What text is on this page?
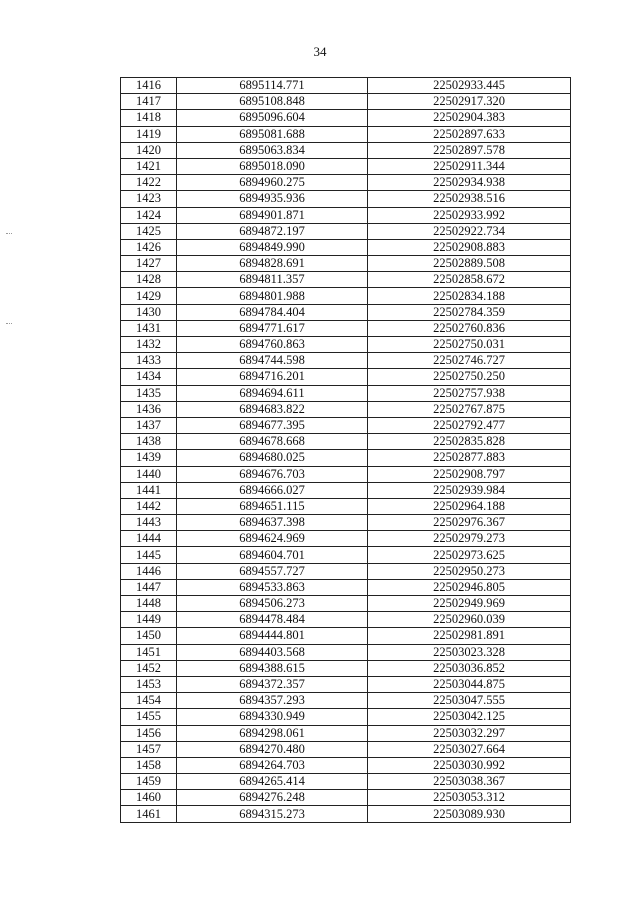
34
1416	6895114.771	22502933.445
1417	6895108.848	22502917.320
1418	6895096.604	22502904.383
1419	6895081.688	22502897.633
1420	6895063.834	22502897.578
1421	6895018.090	22502911.344
1422	6894960.275	22502934.938
1423	6894935.936	22502938.516
1424	6894901.871	22502933.992
1425	6894872.197	22502922.734
1426	6894849.990	22502908.883
1427	6894828.691	22502889.508
1428	6894811.357	22502858.672
1429	6894801.988	22502834.188
1430	6894784.404	22502784.359
1431	6894771.617	22502760.836
1432	6894760.863	22502750.031
1433	6894744.598	22502746.727
1434	6894716.201	22502750.250
1435	6894694.611	22502757.938
1436	6894683.822	22502767.875
1437	6894677.395	22502792.477
1438	6894678.668	22502835.828
1439	6894680.025	22502877.883
1440	6894676.703	22502908.797
1441	6894666.027	22502939.984
1442	6894651.115	22502964.188
1443	6894637.398	22502976.367
1444	6894624.969	22502979.273
1445	6894604.701	22502973.625
1446	6894557.727	22502950.273
1447	6894533.863	22502946.805
1448	6894506.273	22502949.969
1449	6894478.484	22502960.039
1450	6894444.801	22502981.891
1451	6894403.568	22503023.328
1452	6894388.615	22503036.852
1453	6894372.357	22503044.875
1454	6894357.293	22503047.555
1455	6894330.949	22503042.125
1456	6894298.061	22503032.297
1457	6894270.480	22503027.664
1458	6894264.703	22503030.992
1459	6894265.414	22503038.367
1460	6894276.248	22503053.312
1461	6894315.273	22503089.930
